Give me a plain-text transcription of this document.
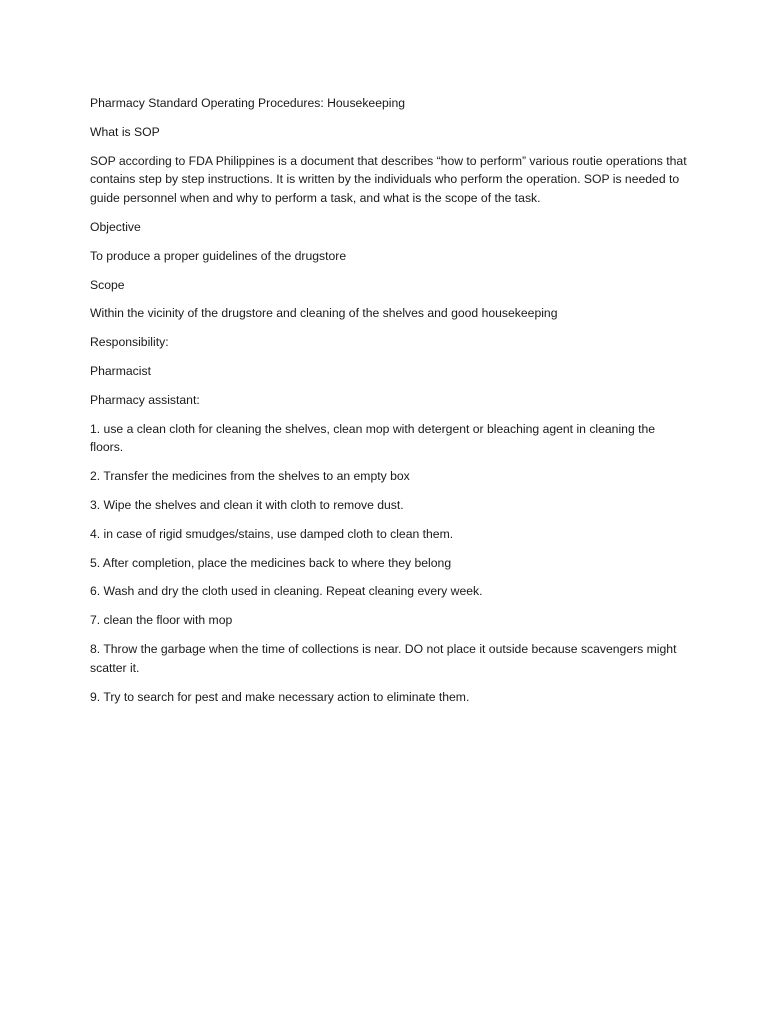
Pharmacy Standard Operating Procedures: Housekeeping

What is SOP

SOP according to FDA Philippines is a document that describes “how to perform” various routie operations that contains step by step instructions. It is written by the individuals who perform the operation. SOP is needed to guide personnel when and why to perform a task, and what is the scope of the task.

Objective

To produce a proper guidelines of the drugstore

Scope

Within the vicinity of the drugstore and cleaning of the shelves and good housekeeping

Responsibility:

Pharmacist

Pharmacy assistant:

1. use a clean cloth for cleaning the shelves, clean mop with detergent or bleaching agent in cleaning the floors.

2. Transfer the medicines from the shelves to an empty box

3. Wipe the shelves and clean it with cloth to remove dust.

4. in case of rigid smudges/stains, use damped cloth to clean them.

5. After completion, place the medicines back to where they belong

6. Wash and dry the cloth used in cleaning. Repeat cleaning every week.

7. clean the floor with mop

8. Throw the garbage when the time of collections is near. DO not place it outside because scavengers might scatter it.

9. Try to search for pest and make necessary action to eliminate them.
